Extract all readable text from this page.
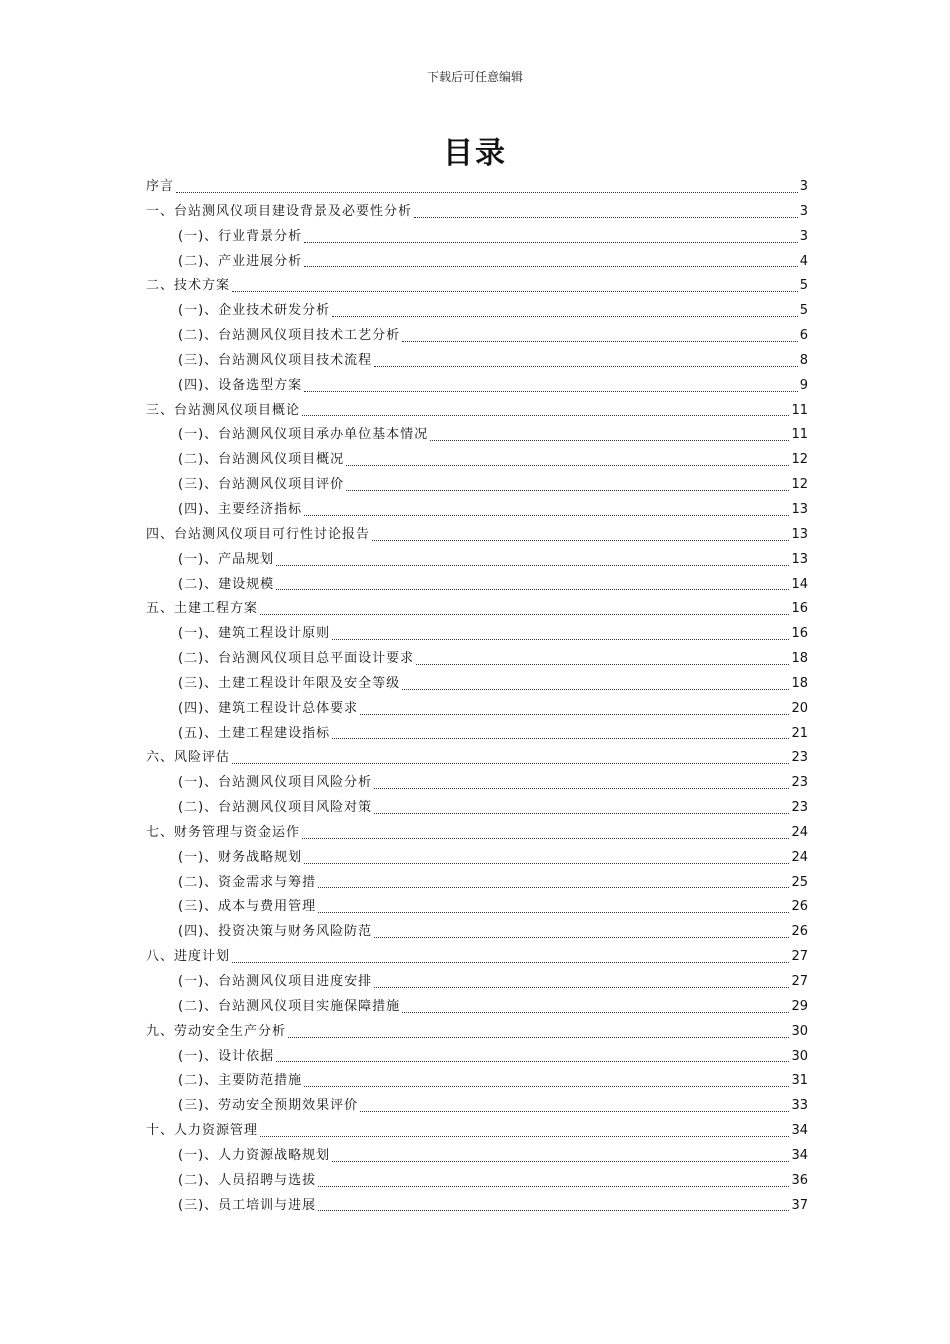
下载后可任意编辑
目录
序言	3
一、台站测风仪项目建设背景及必要性分析	3
(一)、行业背景分析	3
(二)、产业进展分析	4
二、技术方案	5
(一)、企业技术研发分析	5
(二)、台站测风仪项目技术工艺分析	6
(三)、台站测风仪项目技术流程	8
(四)、设备选型方案	9
三、台站测风仪项目概论	11
(一)、台站测风仪项目承办单位基本情况	11
(二)、台站测风仪项目概况	12
(三)、台站测风仪项目评价	12
(四)、主要经济指标	13
四、台站测风仪项目可行性讨论报告	13
(一)、产品规划	13
(二)、建设规模	14
五、土建工程方案	16
(一)、建筑工程设计原则	16
(二)、台站测风仪项目总平面设计要求	18
(三)、土建工程设计年限及安全等级	18
(四)、建筑工程设计总体要求	20
(五)、土建工程建设指标	21
六、风险评估	23
(一)、台站测风仪项目风险分析	23
(二)、台站测风仪项目风险对策	23
七、财务管理与资金运作	24
(一)、财务战略规划	24
(二)、资金需求与筹措	25
(三)、成本与费用管理	26
(四)、投资决策与财务风险防范	26
八、进度计划	27
(一)、台站测风仪项目进度安排	27
(二)、台站测风仪项目实施保障措施	29
九、劳动安全生产分析	30
(一)、设计依据	30
(二)、主要防范措施	31
(三)、劳动安全预期效果评价	33
十、人力资源管理	34
(一)、人力资源战略规划	34
(二)、人员招聘与选拔	36
(三)、员工培训与进展	37
